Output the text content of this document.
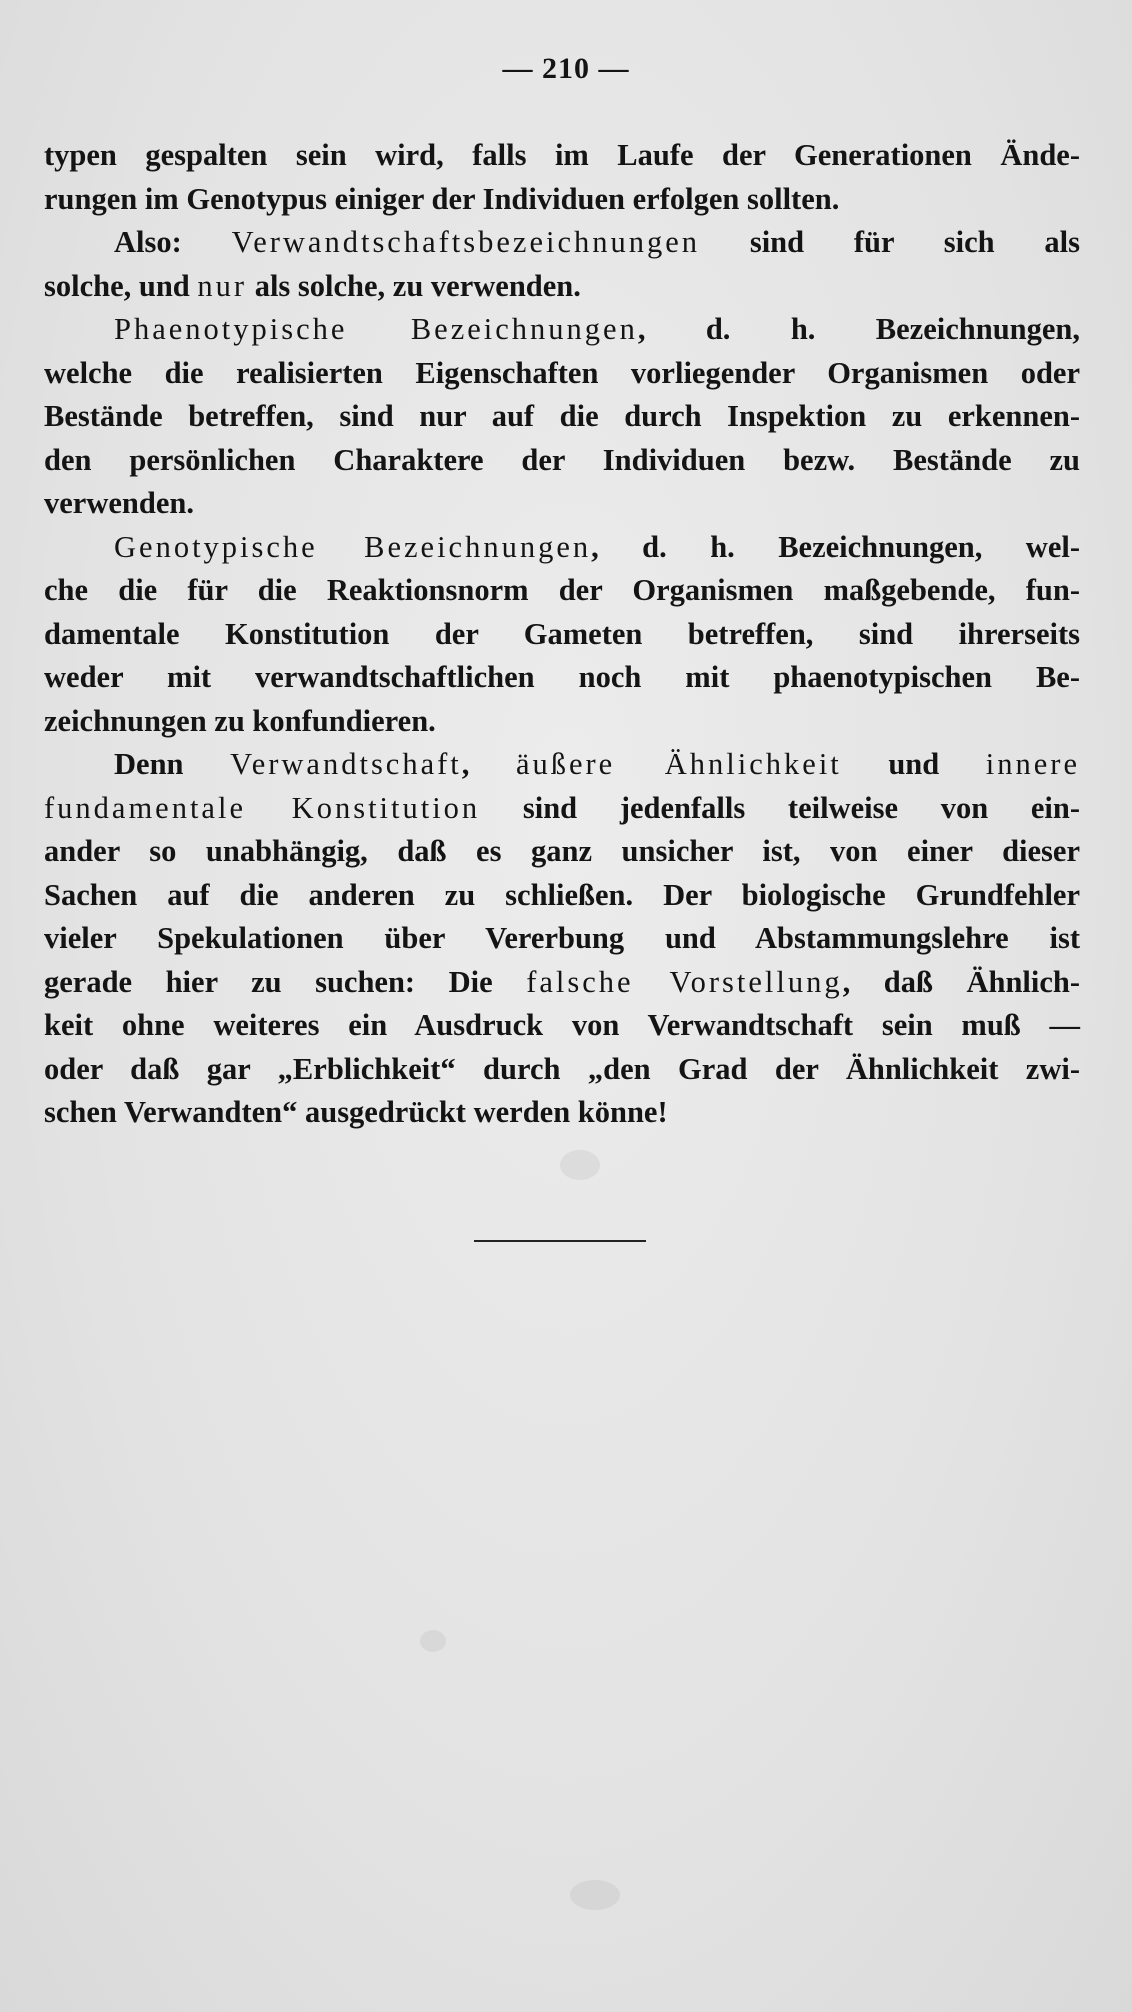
— 210 —
typen gespalten sein wird, falls im Laufe der Generationen Ände-
rungen im Genotypus einiger der Individuen erfolgen sollten.
Also: Verwandtschaftsbezeichnungen sind für sich als
solche, und nur als solche, zu verwenden.
Phaenotypische Bezeichnungen, d. h. Bezeichnungen,
welche die realisierten Eigenschaften vorliegender Organismen oder
Bestände betreffen, sind nur auf die durch Inspektion zu erkennen-
den persönlichen Charaktere der Individuen bezw. Bestände zu
verwenden.
Genotypische Bezeichnungen, d. h. Bezeichnungen, wel-
che die für die Reaktionsnorm der Organismen maßgebende, fun-
damentale Konstitution der Gameten betreffen, sind ihrerseits
weder mit verwandtschaftlichen noch mit phaenotypischen Be-
zeichnungen zu konfundieren.
Denn Verwandtschaft, äußere Ähnlichkeit und innere
fundamentale Konstitution sind jedenfalls teilweise von ein-
ander so unabhängig, daß es ganz unsicher ist, von einer dieser
Sachen auf die anderen zu schließen. Der biologische Grundfehler
vieler Spekulationen über Vererbung und Abstammungslehre ist
gerade hier zu suchen: Die falsche Vorstellung, daß Ähnlich-
keit ohne weiteres ein Ausdruck von Verwandtschaft sein muß —
oder daß gar „Erblichkeit“ durch „den Grad der Ähnlichkeit zwi-
schen Verwandten“ ausgedrückt werden könne!
